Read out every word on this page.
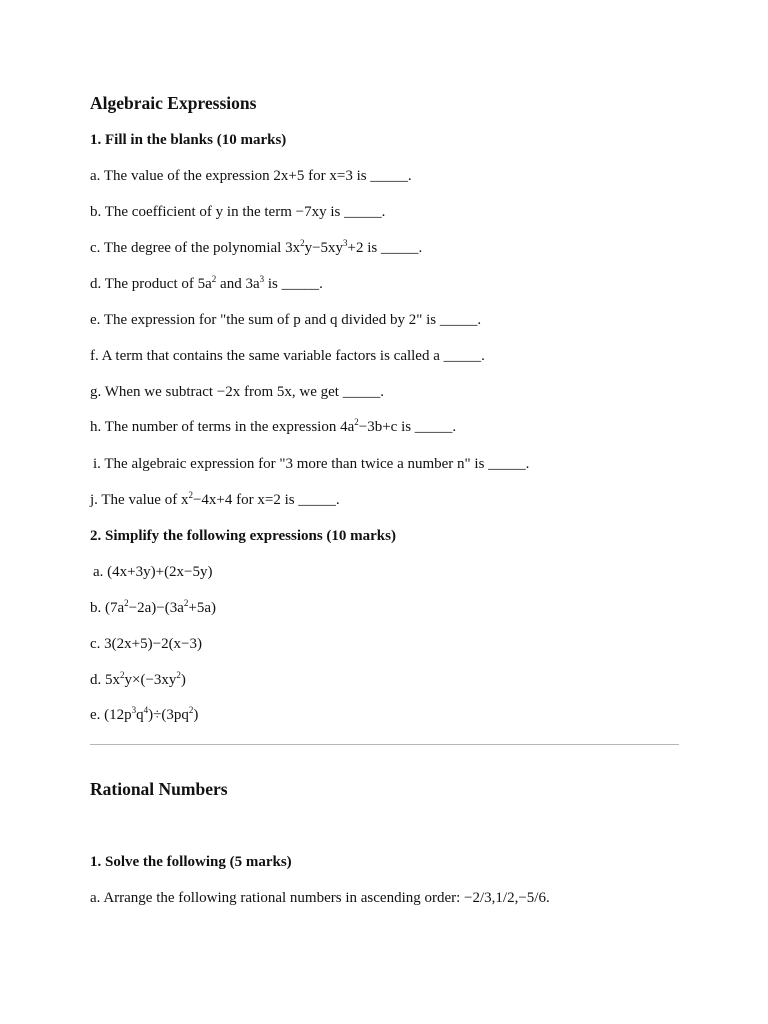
Algebraic Expressions
1. Fill in the blanks (10 marks)
a. The value of the expression 2x+5 for x=3 is _____.
b. The coefficient of y in the term −7xy is _____.
c. The degree of the polynomial $3x^2y-5xy^3+2$ is _____.
d. The product of $5a^2$ and $3a^3$ is _____.
e. The expression for "the sum of p and q divided by 2" is _____.
f. A term that contains the same variable factors is called a _____.
g. When we subtract −2x from 5x, we get _____.
h. The number of terms in the expression $4a^2-3b+c$ is _____.
i. The algebraic expression for "3 more than twice a number n" is _____.
j. The value of $x^2-4x+4$ for x=2 is _____.
2. Simplify the following expressions (10 marks)
a. (4x+3y)+(2x−5y)
b. $(7a^2-2a)-(3a^2+5a)$
c. 3(2x+5)−2(x−3)
d. $5x^2y\times(-3xy^2)$
e. $(12p^3q^4)\div(3pq^2)$
Rational Numbers
1. Solve the following (5 marks)
a. Arrange the following rational numbers in ascending order: −2/3,1/2,−5/6.
